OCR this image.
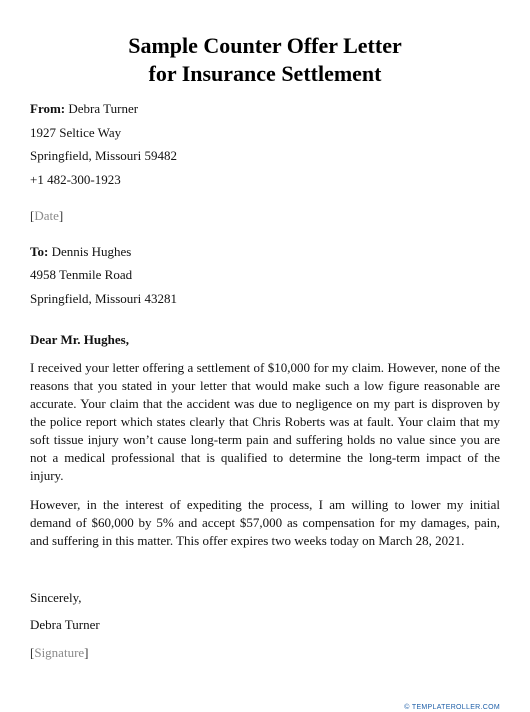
Sample Counter Offer Letter
for Insurance Settlement
From: Debra Turner
1927 Seltice Way
Springfield, Missouri 59482
+1 482-300-1923
[Date]
To: Dennis Hughes
4958 Tenmile Road
Springfield, Missouri 43281
Dear Mr. Hughes,
I received your letter offering a settlement of $10,000 for my claim. However, none of the reasons that you stated in your letter that would make such a low figure reasonable are accurate. Your claim that the accident was due to negligence on my part is disproven by the police report which states clearly that Chris Roberts was at fault. Your claim that my soft tissue injury won’t cause long-term pain and suffering holds no value since you are not a medical professional that is qualified to determine the long-term impact of the injury.
However, in the interest of expediting the process, I am willing to lower my initial demand of $60,000 by 5% and accept $57,000 as compensation for my damages, pain, and suffering in this matter. This offer expires two weeks today on March 28, 2021.
Sincerely,
Debra Turner
[Signature]
© TEMPLATEROLLER.COM
